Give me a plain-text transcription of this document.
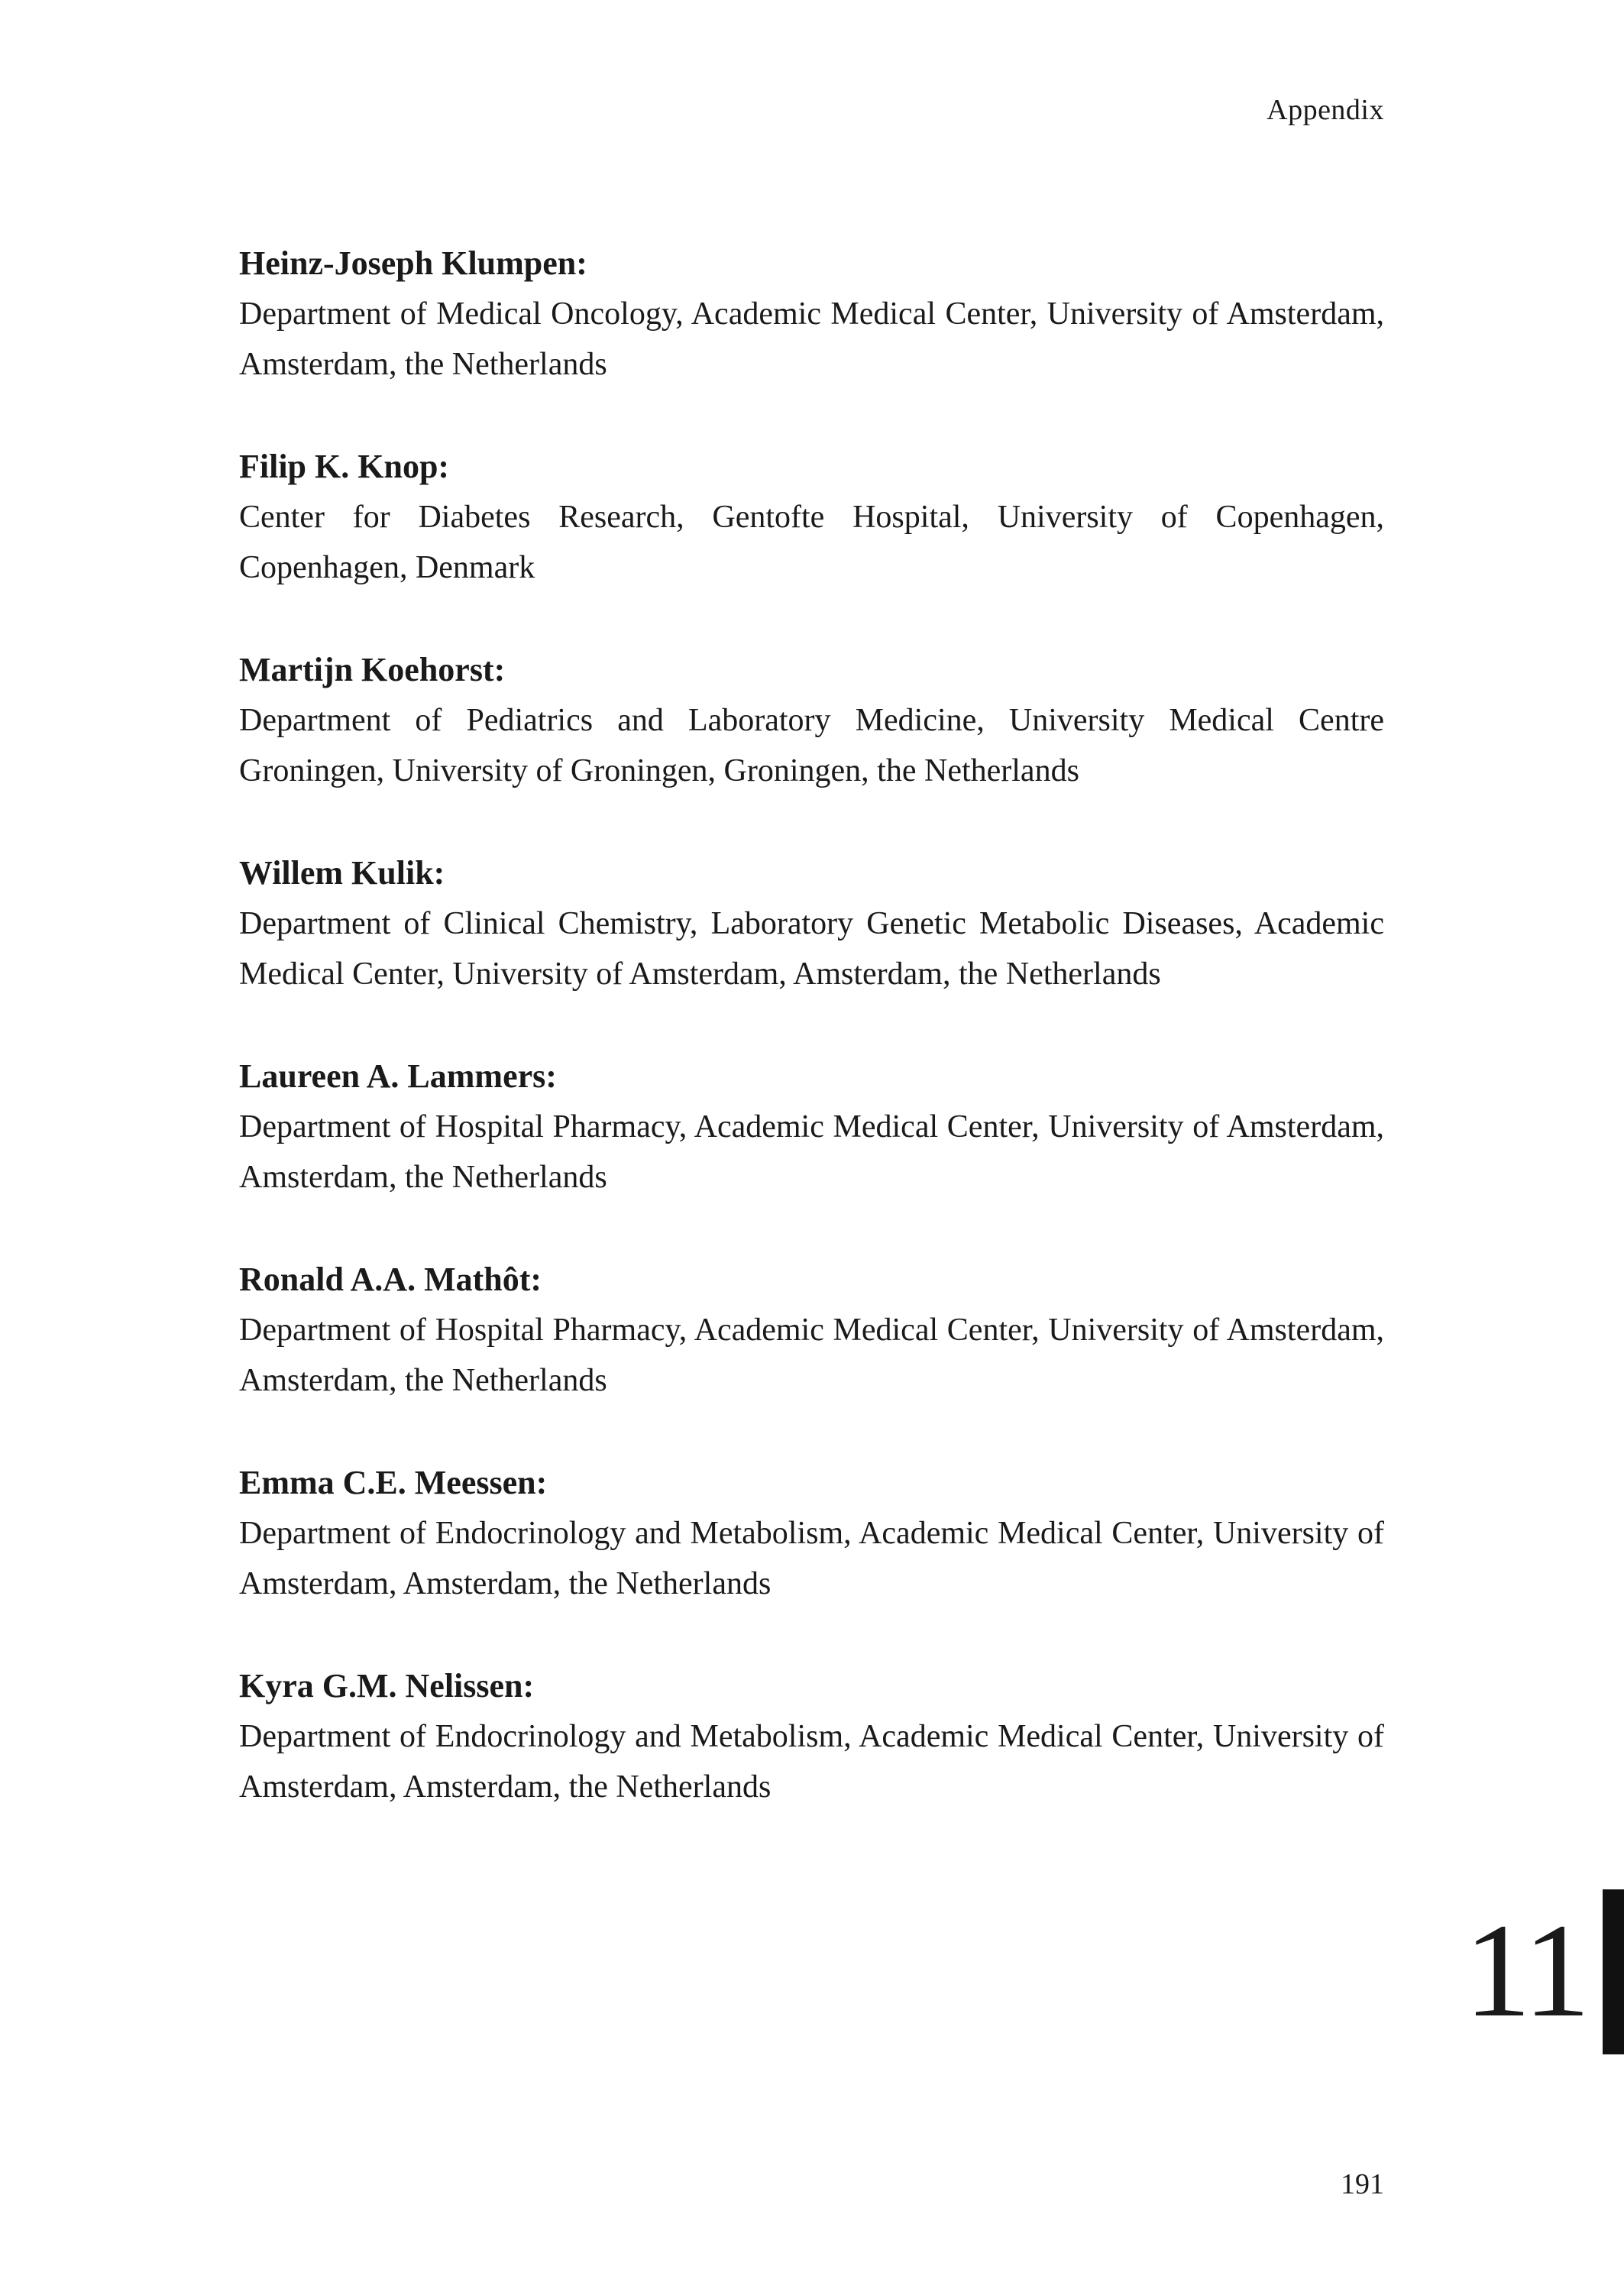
Appendix

Heinz-Joseph Klumpen:

Department of Medical Oncology, Academic Medical Center, University of Amsterdam, Amsterdam, the Netherlands

Filip K. Knop:

Center for Diabetes Research, Gentofte Hospital, University of Copenhagen, Copenhagen, Denmark

Martijn Koehorst:

Department of Pediatrics and Laboratory Medicine, University Medical Centre Groningen, University of Groningen, Groningen, the Netherlands

Willem Kulik:

Department of Clinical Chemistry, Laboratory Genetic Metabolic Diseases, Academic Medical Center, University of Amsterdam, Amsterdam, the Netherlands

Laureen A. Lammers:

Department of Hospital Pharmacy, Academic Medical Center, University of Amsterdam, Amsterdam, the Netherlands

Ronald A.A. Mathôt:

Department of Hospital Pharmacy, Academic Medical Center, University of Amsterdam, Amsterdam, the Netherlands

Emma C.E. Meessen:

Department of Endocrinology and Metabolism, Academic Medical Center, University of Amsterdam, Amsterdam, the Netherlands

Kyra G.M. Nelissen:

Department of Endocrinology and Metabolism, Academic Medical Center, University of Amsterdam, Amsterdam, the Netherlands

11
191
